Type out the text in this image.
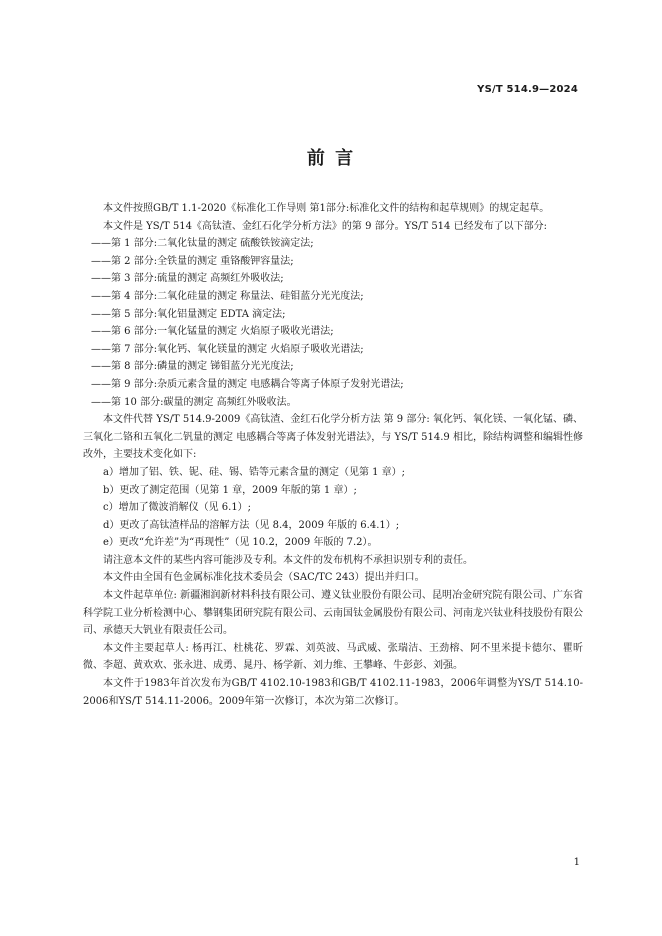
YS/T 514.9—2024
前 言

本文件按照GB/T 1.1-2020《标准化工作导则 第1部分:标准化文件的结构和起草规则》的规定起草。

本文件是 YS/T 514《高钛渣、金红石化学分析方法》的第 9 部分。YS/T 514 已经发布了以下部分:

——第 1 部分:二氧化钛量的测定 硫酸铁铵滴定法;

——第 2 部分:全铁量的测定 重铬酸钾容量法;

——第 3 部分:硫量的测定 高频红外吸收法;

——第 4 部分:二氧化硅量的测定 称量法、硅钼蓝分光光度法;

——第 5 部分:氧化铝量测定 EDTA 滴定法;

——第 6 部分:一氧化锰量的测定 火焰原子吸收光谱法;

——第 7 部分:氧化钙、氧化镁量的测定 火焰原子吸收光谱法;

——第 8 部分:磷量的测定 锑钼蓝分光光度法;

——第 9 部分:杂质元素含量的测定 电感耦合等离子体原子发射光谱法;

——第 10 部分:碳量的测定 高频红外吸收法。

本文件代替 YS/T 514.9-2009《高钛渣、金红石化学分析方法 第 9 部分: 氧化钙、氧化镁、一氧化锰、磷、三氧化二铬和五氧化二钒量的测定 电感耦合等离子体发射光谱法》，与 YS/T 514.9 相比，除结构调整和编辑性修改外，主要技术变化如下:

a）增加了铝、铁、铌、硅、锡、锆等元素含量的测定（见第 1 章）;

b）更改了测定范围（见第 1 章，2009 年版的第 1 章）;

c）增加了微波消解仪（见 6.1）;

d）更改了高钛渣样品的溶解方法（见 8.4，2009 年版的 6.4.1）;

e）更改“允许差”为“再现性”（见 10.2，2009 年版的 7.2）。

请注意本文件的某些内容可能涉及专利。本文件的发布机构不承担识别专利的责任。

本文件由全国有色金属标准化技术委员会（SAC/TC 243）提出并归口。

本文件起草单位: 新疆湘润新材料科技有限公司、遵义钛业股份有限公司、昆明冶金研究院有限公司、广东省科学院工业分析检测中心、攀钢集团研究院有限公司、云南国钛金属股份有限公司、河南龙兴钛业科技股份有限公司、承德天大钒业有限责任公司。

本文件主要起草人: 杨再江、杜桃花、罗霖、刘英波、马武威、张瑞洁、王劲榕、阿不里米提卡德尔、瞿昕微、李超、黄欢欢、张永进、成勇、晁丹、杨学新、刘力维、王攀峰、牛彭彭、刘强。

本文件于1983年首次发布为GB/T 4102.10-1983和GB/T 4102.11-1983，2006年调整为YS/T 514.10-2006和YS/T 514.11-2006。2009年第一次修订，本次为第二次修订。

1
